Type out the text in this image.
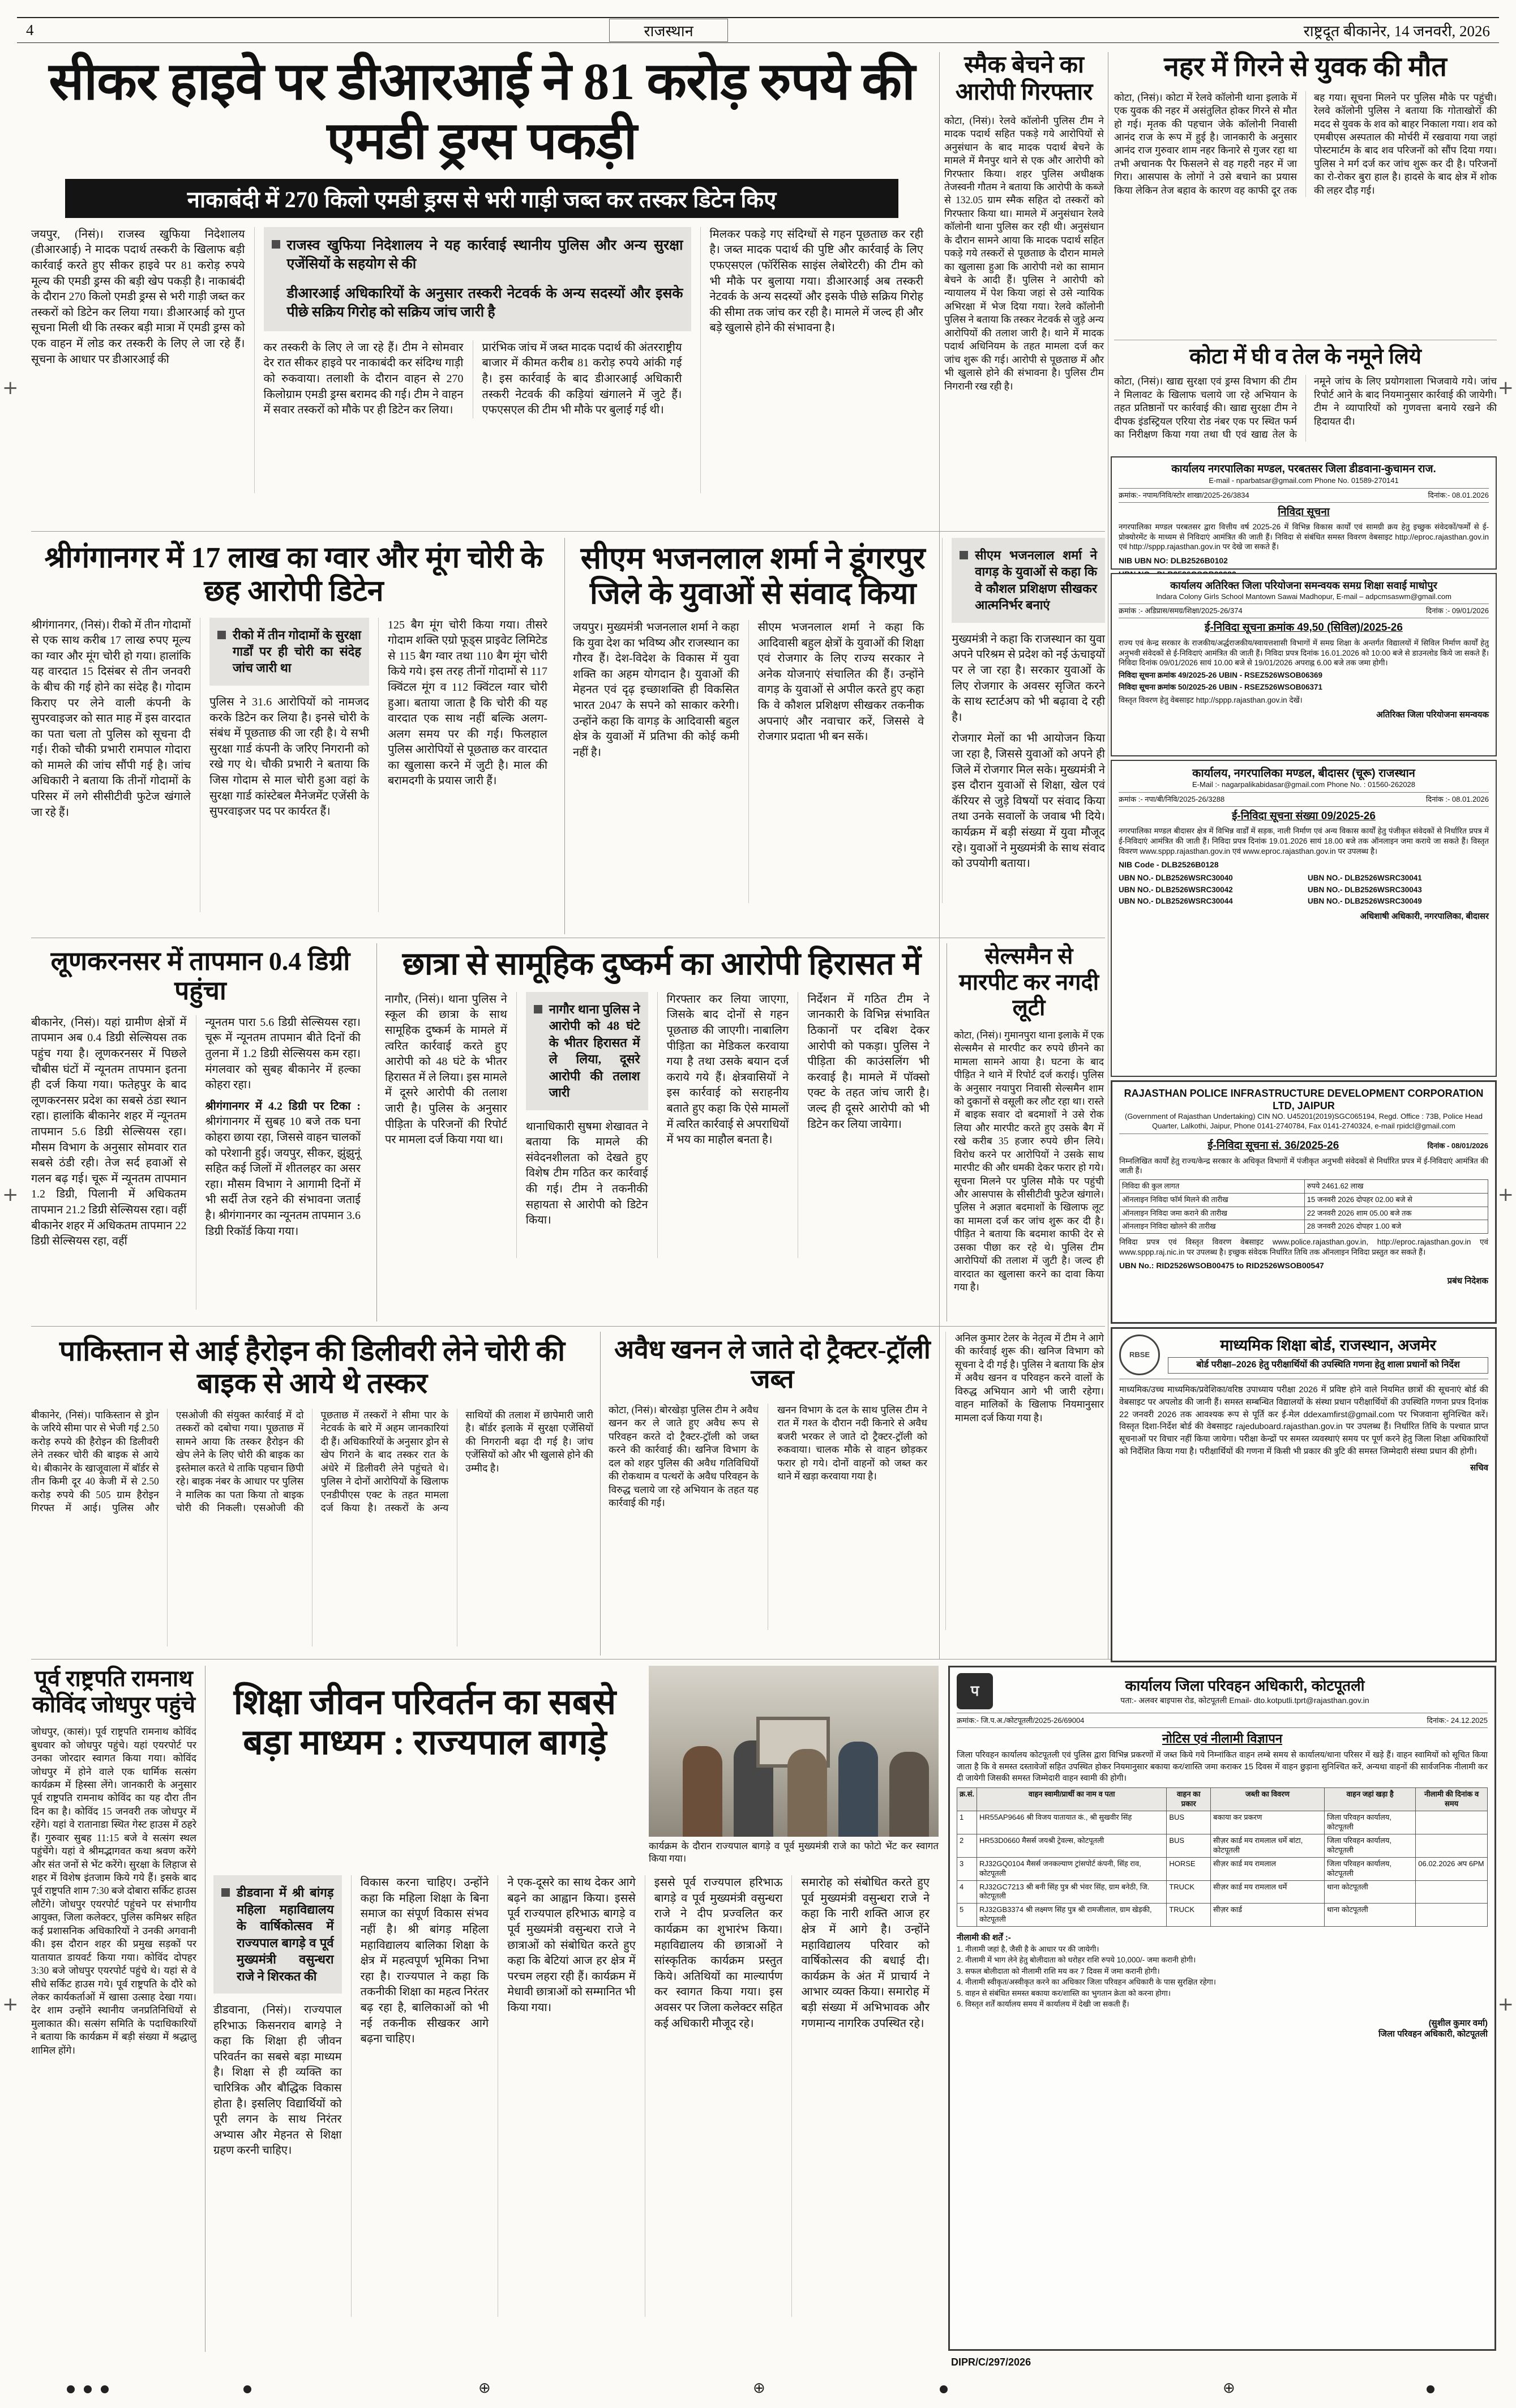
4	राजस्थान	राष्ट्रदूत बीकानेर, 14 जनवरी, 2026
सीकर हाइवे पर डीआरआई ने 81 करोड़ रुपये की एमडी ड्रग्स पकड़ी
नाकाबंदी में 270 किलो एमडी ड्रग्स से भरी गाड़ी जब्त कर तस्कर डिटेन किए
जयपुर, (निसं)। राजस्व खुफिया निदेशालय (डीआरआई) ने मादक पदार्थ तस्करी के खिलाफ बड़ी कार्रवाई करते हुए सीकर हाइवे पर 81 करोड़ रुपये मूल्य की एमडी ड्रग्स की बड़ी खेप पकड़ी है। नाकाबंदी के दौरान 270 किलो एमडी ड्रग्स से भरी गाड़ी जब्त कर तस्करों को डिटेन कर लिया गया। डीआरआई को गुप्त सूचना मिली थी कि तस्कर बड़ी मात्रा में एमडी ड्रग्स को एक वाहन में लोड कर तस्करी के लिए ले जा रहे हैं। सूचना के आधार पर डीआरआई की
राजस्व खुफिया निदेशालय ने यह कार्रवाई स्थानीय पुलिस और अन्य सुरक्षा एजेंसियों के सहयोग से की
डीआरआई अधिकारियों के अनुसार तस्करी नेटवर्क के अन्य सदस्यों और इसके पीछे सक्रिय गिरोह को सक्रिय जांच जारी है
कर तस्करी के लिए ले जा रहे हैं। टीम ने सोमवार देर रात सीकर हाइवे पर नाकाबंदी कर संदिग्ध गाड़ी को रुकवाया। तलाशी के दौरान वाहन से 270 किलोग्राम एमडी ड्रग्स बरामद की गई। टीम ने वाहन में सवार तस्करों को मौके पर ही डिटेन कर लिया।
प्रारंभिक जांच में जब्त मादक पदार्थ की अंतरराष्ट्रीय बाजार में कीमत करीब 81 करोड़ रुपये आंकी गई है। इस कार्रवाई के बाद डीआरआई अधिकारी तस्करी नेटवर्क की कड़ियां खंगालने में जुटे हैं। एफएसएल की टीम भी मौके पर बुलाई गई थी।
मिलकर पकड़े गए संदिग्धों से गहन पूछताछ कर रही है। जब्त मादक पदार्थ की पुष्टि और कार्रवाई के लिए एफएसएल (फॉरेंसिक साइंस लेबोरेटरी) की टीम को भी मौके पर बुलाया गया। डीआरआई अब तस्करी नेटवर्क के अन्य सदस्यों और इसके पीछे सक्रिय गिरोह की सीमा तक जांच कर रही है। मामले में जल्द ही और बड़े खुलासे होने की संभावना है।
स्मैक बेचने का आरोपी गिरफ्तार

कोटा, (निसं)। रेलवे कॉलोनी पुलिस टीम ने मादक पदार्थ सहित पकड़े गये आरोपियों से अनुसंधान के बाद मादक पदार्थ बेचने के मामले में मैनपुर थाने से एक और आरोपी को गिरफ्तार किया। शहर पुलिस अधीक्षक तेजस्वनी गौतम ने बताया कि आरोपी के कब्जे से 132.05 ग्राम स्मैक सहित दो तस्करों को गिरफ्तार किया था। मामले में अनुसंधान रेलवे कॉलोनी थाना पुलिस कर रही थी। अनुसंधान के दौरान सामने आया कि मादक पदार्थ सहित पकड़े गये तस्करों से पूछताछ के दौरान मामले का खुलासा हुआ कि आरोपी नशे का सामान बेचने के आदी हैं। पुलिस ने आरोपी को न्यायालय में पेश किया जहां से उसे न्यायिक अभिरक्षा में भेज दिया गया। रेलवे कॉलोनी पुलिस ने बताया कि तस्कर नेटवर्क से जुड़े अन्य आरोपियों की तलाश जारी है। थाने में मादक पदार्थ अधिनियम के तहत मामला दर्ज कर जांच शुरू की गई। आरोपी से पूछताछ में और भी खुलासे होने की संभावना है। पुलिस टीम निगरानी रख रही है।

नहर में गिरने से युवक की मौत
कोटा, (निसं)। कोटा में रेलवे कॉलोनी थाना इलाके में एक युवक की नहर में असंतुलित होकर गिरने से मौत हो गई। मृतक की पहचान जेके कॉलोनी निवासी आनंद राज के रूप में हुई है। जानकारी के अनुसार आनंद राज गुरुवार शाम नहर किनारे से गुजर रहा था तभी अचानक पैर फिसलने से वह गहरी नहर में जा गिरा। आसपास के लोगों ने उसे बचाने का प्रयास किया लेकिन तेज बहाव के कारण वह काफी दूर तक बह गया। सूचना मिलने पर पुलिस मौके पर पहुंची। रेलवे कॉलोनी पुलिस ने बताया कि गोताखोरों की मदद से युवक के शव को बाहर निकाला गया। शव को एमबीएस अस्पताल की मोर्चरी में रखवाया गया जहां पोस्टमार्टम के बाद शव परिजनों को सौंप दिया गया। पुलिस ने मर्ग दर्ज कर जांच शुरू कर दी है। परिजनों का रो-रोकर बुरा हाल है। हादसे के बाद क्षेत्र में शोक की लहर दौड़ गई।
कोटा में घी व तेल के नमूने लिये
कोटा, (निसं)। खाद्य सुरक्षा एवं ड्रग्स विभाग की टीम ने मिलावट के खिलाफ चलाये जा रहे अभियान के तहत प्रतिष्ठानों पर कार्रवाई की। खाद्य सुरक्षा टीम ने दीपक इंडस्ट्रियल एरिया रोड नंबर एक पर स्थित फर्म का निरीक्षण किया गया तथा घी एवं खाद्य तेल के नमूने जांच के लिए प्रयोगशाला भिजवाये गये। जांच रिपोर्ट आने के बाद नियमानुसार कार्रवाई की जायेगी। टीम ने व्यापारियों को गुणवत्ता बनाये रखने की हिदायत दी।
कार्यालय नगरपालिका मण्डल, परबतसर जिला डीडवाना-कुचामन राज.
E-mail - nparbatsar@gmail.com Phone No. 01589-270141
क्रमांक:- नपाम/निवि/स्टोर शाखा/2025-26/3834	दिनांक:- 08.01.2026
निविदा सूचना
नगरपालिका मण्डल परबतसर द्वारा वित्तीय वर्ष 2025-26 में विभिन्न विकास कार्यों एवं सामग्री क्रय हेतु इच्छुक संवेदकों/फर्मों से ई-प्रोक्योरमेंट के माध्यम से निविदाएं आमंत्रित की जाती हैं। निविदा से संबंधित समस्त विवरण वेबसाइट http://eproc.rajasthan.gov.in एवं http://sppp.rajasthan.gov.in पर देखे जा सकते हैं।
NIB UBN NO: DLB2526B0102
श्रीगंगानगर में 17 लाख का ग्वार और मूंग चोरी के छह आरोपी डिटेन
श्रीगंगानगर, (निसं)। रीको में तीन गोदामों से एक साथ करीब 17 लाख रुपए मूल्य का ग्वार और मूंग चोरी हो गया। हालांकि यह वारदात 15 दिसंबर से तीन जनवरी के बीच की गई होने का संदेह है। गोदाम किराए पर लेने वाली कंपनी के सुपरवाइजर को सात माह में इस वारदात का पता चला तो पुलिस को सूचना दी गई। रीको चौकी प्रभारी रामपाल गोदारा को मामले की जांच सौंपी गई है। जांच अधिकारी ने बताया कि तीनों गोदामों के परिसर में लगे सीसीटीवी फुटेज खंगाले जा रहे हैं।
रीको में तीन गोदामों के सुरक्षा गार्डों पर ही चोरी का संदेह जांच जारी था

पुलिस ने 31.6 आरोपियों को नामजद करके डिटेन कर लिया है। इनसे चोरी के संबंध में पूछताछ की जा रही है। ये सभी सुरक्षा गार्ड कंपनी के जरिए निगरानी को रखे गए थे। चौकी प्रभारी ने बताया कि जिस गोदाम से माल चोरी हुआ वहां के सुरक्षा गार्ड कांस्टेबल मैनेजमेंट एजेंसी के सुपरवाइजर पद पर कार्यरत हैं।

125 बैग मूंग चोरी किया गया। तीसरे गोदाम शक्ति एग्रो फूड्स प्राइवेट लिमिटेड से 115 बैग ग्वार तथा 110 बैग मूंग चोरी किये गये। इस तरह तीनों गोदामों से 117 क्विंटल मूंग व 112 क्विंटल ग्वार चोरी हुआ। बताया जाता है कि चोरी की यह वारदात एक साथ नहीं बल्कि अलग-अलग समय पर की गई। फिलहाल पुलिस आरोपियों से पूछताछ कर वारदात का खुलासा करने में जुटी है। माल की बरामदगी के प्रयास जारी हैं।
सीएम भजनलाल शर्मा ने डूंगरपुर जिले के युवाओं से संवाद किया
जयपुर। मुख्यमंत्री भजनलाल शर्मा ने कहा कि युवा देश का भविष्य और राजस्थान का गौरव हैं। देश-विदेश के विकास में युवा शक्ति का अहम योगदान है। युवाओं की मेहनत एवं दृढ़ इच्छाशक्ति ही विकसित भारत 2047 के सपने को साकार करेगी। उन्होंने कहा कि वागड़ के आदिवासी बहुल क्षेत्र के युवाओं में प्रतिभा की कोई कमी नहीं है।
सीएम भजनलाल शर्मा ने कहा कि आदिवासी बहुल क्षेत्रों के युवाओं की शिक्षा एवं रोजगार के लिए राज्य सरकार ने अनेक योजनाएं संचालित की हैं। उन्होंने वागड़ के युवाओं से अपील करते हुए कहा कि वे कौशल प्रशिक्षण सीखकर तकनीक अपनाएं और नवाचार करें, जिससे वे रोजगार प्रदाता भी बन सकें।
सीएम भजनलाल शर्मा ने वागड़ के युवाओं से कहा कि वे कौशल प्रशिक्षण सीखकर आत्मनिर्भर बनाएं

मुख्यमंत्री ने कहा कि राजस्थान का युवा अपने परिश्रम से प्रदेश को नई ऊंचाइयों पर ले जा रहा है। सरकार युवाओं के लिए रोजगार के अवसर सृजित करने के साथ स्टार्टअप को भी बढ़ावा दे रही है।

रोजगार मेलों का भी आयोजन किया जा रहा है, जिससे युवाओं को अपने ही जिले में रोजगार मिल सके। मुख्यमंत्री ने इस दौरान युवाओं से शिक्षा, खेल एवं कॅरियर से जुड़े विषयों पर संवाद किया तथा उनके सवालों के जवाब भी दिये। कार्यक्रम में बड़ी संख्या में युवा मौजूद रहे। युवाओं ने मुख्यमंत्री के साथ संवाद को उपयोगी बताया।

कार्यालय अतिरिक्त जिला परियोजना समन्वयक समग्र शिक्षा सवाई माधोपुर
Indara Colony Girls School Mantown Sawai Madhopur, E-mail – adpcmsaswm@gmail.com
क्रमांक :- अडिप्रास/समग्र/शिक्षा/2025-26/374	दिनांक :- 09/01/2026
ई-निविदा सूचना क्रमांक 49,50 (सिविल)/2025-26
राज्य एवं केन्द्र सरकार के राजकीय/अर्द्धराजकीय/स्वायत्तशासी विभागों में समग्र शिक्षा के अन्तर्गत विद्यालयों में सिविल निर्माण कार्यों हेतु अनुभवी संवेदकों से ई-निविदाएं आमंत्रित की जाती हैं। निविदा प्रपत्र दिनांक 16.01.2026 को 10:00 बजे से डाउनलोड किये जा सकते हैं। निविदा दिनांक 09/01/2026 सायं 10.00 बजे से 19/01/2026 अपराह्न 6.00 बजे तक जमा होगी।
निविदा सूचना क्रमांक 49/2025-26 UBIN - RSEZ526WSOB06369
निविदा सूचना क्रमांक 50/2025-26 UBIN - RSEZ526WSOB06371
विस्तृत विवरण हेतु वेबसाइट http://sppp.rajasthan.gov.in देखें।
अतिरिक्त जिला परियोजना समन्वयक
कार्यालय, नगरपालिका मण्डल, बीदासर (चूरू) राजस्थान
E-Mail :- nagarpalikabidasar@gmail.com Phone No. : 01560-262028
क्रमांक :- नपा/बी/निवि/2025-26/3288	दिनांक :- 08.01.2026
ई-निविदा सूचना संख्या 09/2025-26
नगरपालिका मण्डल बीदासर क्षेत्र में विभिन्न वार्डों में सड़क, नाली निर्माण एवं अन्य विकास कार्यों हेतु पंजीकृत संवेदकों से निर्धारित प्रपत्र में ई-निविदाएं आमंत्रित की जाती हैं। निविदा प्रपत्र दिनांक 19.01.2026 सायं 18.00 बजे तक ऑनलाइन जमा कराये जा सकते हैं। विस्तृत विवरण www.sppp.rajasthan.gov.in एवं www.eproc.rajasthan.gov.in पर उपलब्ध है।
NIB Code - DLB2526B0128
UBN NO.- DLB2526WSRC30040	UBN NO.- DLB2526WSRC30041
UBN NO.- DLB2526WSRC30042	UBN NO.- DLB2526WSRC30043
UBN NO.- DLB2526WSRC30044	UBN NO.- DLB2526WSRC30049
अधिशाषी अधिकारी, नगरपालिका, बीदासर
लूणकरनसर में तापमान 0.4 डिग्री पहुंचा
बीकानेर, (निसं)। यहां ग्रामीण क्षेत्रों में तापमान अब 0.4 डिग्री सेल्सियस तक पहुंच गया है। लूणकरनसर में पिछले चौबीस घंटों में न्यूनतम तापमान इतना ही दर्ज किया गया। फतेहपुर के बाद लूणकरनसर प्रदेश का सबसे ठंडा स्थान रहा। हालांकि बीकानेर शहर में न्यूनतम तापमान 5.6 डिग्री सेल्सियस रहा। मौसम विभाग के अनुसार सोमवार रात सबसे ठंडी रही। तेज सर्द हवाओं से गलन बढ़ गई। चूरू में न्यूनतम तापमान 1.2 डिग्री, पिलानी में अधिकतम तापमान 21.2 डिग्री सेल्सियस रहा। वहीं बीकानेर शहर में अधिकतम तापमान 22 डिग्री सेल्सियस रहा, वहीं

न्यूनतम पारा 5.6 डिग्री सेल्सियस रहा। चूरू में न्यूनतम तापमान बीते दिनों की तुलना में 1.2 डिग्री सेल्सियस कम रहा। मंगलवार को सुबह बीकानेर में हल्का कोहरा रहा।

श्रीगंगानगर में 4.2 डिग्री पर टिका : श्रीगंगानगर में सुबह 10 बजे तक घना कोहरा छाया रहा, जिससे वाहन चालकों को परेशानी हुई। जयपुर, सीकर, झुंझुनूं सहित कई जिलों में शीतलहर का असर रहा। मौसम विभाग ने आगामी दिनों में भी सर्दी तेज रहने की संभावना जताई है। श्रीगंगानगर का न्यूनतम तापमान 3.6 डिग्री रिकॉर्ड किया गया।

छात्रा से सामूहिक दुष्कर्म का आरोपी हिरासत में
नागौर, (निसं)। थाना पुलिस ने स्कूल की छात्रा के साथ सामूहिक दुष्कर्म के मामले में त्वरित कार्रवाई करते हुए आरोपी को 48 घंटे के भीतर हिरासत में ले लिया। इस मामले में दूसरे आरोपी की तलाश जारी है। पुलिस के अनुसार पीड़िता के परिजनों की रिपोर्ट पर मामला दर्ज किया गया था।
नागौर थाना पुलिस ने आरोपी को 48 घंटे के भीतर हिरासत में ले लिया, दूसरे आरोपी की तलाश जारी

थानाधिकारी सुषमा शेखावत ने बताया कि मामले की संवेदनशीलता को देखते हुए विशेष टीम गठित कर कार्रवाई की गई। टीम ने तकनीकी सहायता से आरोपी को डिटेन किया।

गिरफ्तार कर लिया जाएगा, जिसके बाद दोनों से गहन पूछताछ की जाएगी। नाबालिग पीड़िता का मेडिकल करवाया गया है तथा उसके बयान दर्ज कराये गये हैं। क्षेत्रवासियों ने इस कार्रवाई को सराहनीय बताते हुए कहा कि ऐसे मामलों में त्वरित कार्रवाई से अपराधियों में भय का माहौल बनता है।
निर्देशन में गठित टीम ने जानकारी के विभिन्न संभावित ठिकानों पर दबिश देकर आरोपी को पकड़ा। पुलिस ने पीड़िता की काउंसलिंग भी करवाई है। मामले में पॉक्सो एक्ट के तहत जांच जारी है। जल्द ही दूसरे आरोपी को भी डिटेन कर लिया जायेगा।
सेल्समैन से मारपीट कर नगदी लूटी

कोटा, (निसं)। गुमानपुरा थाना इलाके में एक सेल्समैन से मारपीट कर रुपये छीनने का मामला सामने आया है। घटना के बाद पीड़ित ने थाने में रिपोर्ट दर्ज कराई। पुलिस के अनुसार नयापुरा निवासी सेल्समैन शाम को दुकानों से वसूली कर लौट रहा था। रास्ते में बाइक सवार दो बदमाशों ने उसे रोक लिया और मारपीट करते हुए उसके बैग में रखे करीब 35 हजार रुपये छीन लिये। विरोध करने पर आरोपियों ने उसके साथ मारपीट की और धमकी देकर फरार हो गये। सूचना मिलने पर पुलिस मौके पर पहुंची और आसपास के सीसीटीवी फुटेज खंगाले। पुलिस ने अज्ञात बदमाशों के खिलाफ लूट का मामला दर्ज कर जांच शुरू कर दी है। पीड़ित ने बताया कि बदमाश काफी देर से उसका पीछा कर रहे थे। पुलिस टीम आरोपियों की तलाश में जुटी है। जल्द ही वारदात का खुलासा करने का दावा किया गया है।

RAJASTHAN POLICE INFRASTRUCTURE DEVELOPMENT CORPORATION LTD, JAIPUR
(Government of Rajasthan Undertaking) CIN NO. U45201(2019)SGC065194, Regd. Office : 73B, Police Head Quarter, Lalkothi, Jaipur, Phone 0141-2740784, Fax 0141-2740324, e-mail rpidcl@gmail.com
ई-निविदा सूचना सं. 36/2025-26	दिनांक - 08/01/2026
निम्नलिखित कार्यों हेतु राज्य/केन्द्र सरकार के अधिकृत विभागों में पंजीकृत अनुभवी संवेदकों से निर्धारित प्रपत्र में ई-निविदाएं आमंत्रित की जाती हैं।
निविदा की कुल लागत	रुपये 2461.62 लाख
ऑनलाइन निविदा फॉर्म मिलने की तारीख	15 जनवरी 2026 दोपहर 02.00 बजे से
ऑनलाइन निविदा जमा कराने की तारीख	22 जनवरी 2026 शाम 05.00 बजे तक
ऑनलाइन निविदा खोलने की तारीख	28 जनवरी 2026 दोपहर 1.00 बजे
निविदा प्रपत्र एवं विस्तृत विवरण वेबसाइट www.police.rajasthan.gov.in, http://eproc.rajasthan.gov.in एवं www.sppp.raj.nic.in पर उपलब्ध है। इच्छुक संवेदक निर्धारित तिथि तक ऑनलाइन निविदा प्रस्तुत कर सकते हैं।
UBN No.: RID2526WSOB00475 to RID2526WSOB00547
प्रबंध निदेशक
पाकिस्तान से आई हैरोइन की डिलीवरी लेने चोरी की बाइक से आये थे तस्कर
बीकानेर, (निसं)। पाकिस्तान से ड्रोन के जरिये सीमा पार से भेजी गई 2.50 करोड़ रुपये की हैरोइन की डिलीवरी लेने तस्कर चोरी की बाइक से आये थे। बीकानेर के खाजूवाला में बॉर्डर से तीन किमी दूर 40 केजी में से 2.50 करोड़ रुपये की 505 ग्राम हैरोइन गिरफ्त में आई। पुलिस और एसओजी की संयुक्त कार्रवाई में दो तस्करों को दबोचा गया। पूछताछ में सामने आया कि तस्कर हैरोइन की खेप लेने के लिए चोरी की बाइक का इस्तेमाल करते थे ताकि पहचान छिपी रहे। बाइक नंबर के आधार पर पुलिस ने मालिक का पता किया तो बाइक चोरी की निकली। एसओजी की पूछताछ में तस्करों ने सीमा पार के नेटवर्क के बारे में अहम जानकारियां दी हैं। अधिकारियों के अनुसार ड्रोन से खेप गिराने के बाद तस्कर रात के अंधेरे में डिलीवरी लेने पहुंचते थे। पुलिस ने दोनों आरोपियों के खिलाफ एनडीपीएस एक्ट के तहत मामला दर्ज किया है। तस्करों के अन्य साथियों की तलाश में छापेमारी जारी है। बॉर्डर इलाके में सुरक्षा एजेंसियों की निगरानी बढ़ा दी गई है। जांच एजेंसियों को और भी खुलासे होने की उम्मीद है।
अवैध खनन ले जाते दो ट्रैक्टर-ट्रॉली जब्त
कोटा, (निसं)। बोरखेड़ा पुलिस टीम ने अवैध खनन कर ले जाते हुए अवैध रूप से परिवहन करते दो ट्रैक्टर-ट्रॉली को जब्त करने की कार्रवाई की। खनिज विभाग के दल को शहर पुलिस की अवैध गतिविधियों की रोकथाम व पत्थरों के अवैध परिवहन के विरुद्ध चलाये जा रहे अभियान के तहत यह कार्रवाई की गई।
खनन विभाग के दल के साथ पुलिस टीम ने रात में गश्त के दौरान नदी किनारे से अवैध बजरी भरकर ले जाते दो ट्रैक्टर-ट्रॉली को रुकवाया। चालक मौके से वाहन छोड़कर फरार हो गये। दोनों वाहनों को जब्त कर थाने में खड़ा करवाया गया है।
अनिल कुमार टेलर के नेतृत्व में टीम ने आगे की कार्रवाई शुरू की। खनिज विभाग को सूचना दे दी गई है। पुलिस ने बताया कि क्षेत्र में अवैध खनन व परिवहन करने वालों के विरुद्ध अभियान आगे भी जारी रहेगा। वाहन मालिकों के खिलाफ नियमानुसार मामला दर्ज किया गया है।
RBSE
माध्यमिक शिक्षा बोर्ड, राजस्थान, अजमेर
बोर्ड परीक्षा–2026 हेतु परीक्षार्थियों की उपस्थिति गणना हेतु शाला प्रधानों को निर्देश
माध्यमिक/उच्च माध्यमिक/प्रवेशिका/वरिष्ठ उपाध्याय परीक्षा 2026 में प्रविष्ट होने वाले नियमित छात्रों की सूचनाएं बोर्ड की वेबसाइट पर अपलोड की जानी हैं। समस्त सम्बन्धित विद्यालयों के संस्था प्रधान परीक्षार्थियों की उपस्थिति गणना प्रपत्र दिनांक 22 जनवरी 2026 तक आवश्यक रूप से पूर्ति कर ई-मेल ddexamfirst@gmail.com पर भिजवाना सुनिश्चित करें। विस्तृत दिशा-निर्देश बोर्ड की वेबसाइट rajeduboard.rajasthan.gov.in पर उपलब्ध हैं। निर्धारित तिथि के पश्चात प्राप्त सूचनाओं पर विचार नहीं किया जायेगा। परीक्षा केन्द्रों पर समस्त व्यवस्थाएं समय पर पूर्ण करने हेतु जिला शिक्षा अधिकारियों को निर्देशित किया गया है। परीक्षार्थियों की गणना में किसी भी प्रकार की त्रुटि की समस्त जिम्मेदारी संस्था प्रधान की होगी।
सचिव
पूर्व राष्ट्रपति रामनाथ कोविंद जोधपुर पहुंचे

जोधपुर, (कासं)। पूर्व राष्ट्रपति रामनाथ कोविंद बुधवार को जोधपुर पहुंचे। यहां एयरपोर्ट पर उनका जोरदार स्वागत किया गया। कोविंद जोधपुर में होने वाले एक धार्मिक सत्संग कार्यक्रम में हिस्सा लेंगे। जानकारी के अनुसार पूर्व राष्ट्रपति रामनाथ कोविंद का यह दौरा तीन दिन का है। कोविंद 15 जनवरी तक जोधपुर में रहेंगे। यहां वे रातानाडा स्थित गेस्ट हाउस में ठहरे हैं। गुरुवार सुबह 11:15 बजे वे सत्संग स्थल पहुंचेंगे। यहां वे श्रीमद्भागवत कथा श्रवण करेंगे और संत जनों से भेंट करेंगे। सुरक्षा के लिहाज से शहर में विशेष इंतजाम किये गये हैं। इसके बाद पूर्व राष्ट्रपति शाम 7:30 बजे दोबारा सर्किट हाउस लौटेंगे। जोधपुर एयरपोर्ट पहुंचने पर संभागीय आयुक्त, जिला कलेक्टर, पुलिस कमिश्नर सहित कई प्रशासनिक अधिकारियों ने उनकी अगवानी की। इस दौरान शहर की प्रमुख सड़कों पर यातायात डायवर्ट किया गया। कोविंद दोपहर 3:30 बजे जोधपुर एयरपोर्ट पहुंचे थे। यहां से वे सीधे सर्किट हाउस गये। पूर्व राष्ट्रपति के दौरे को लेकर कार्यकर्ताओं में खासा उत्साह देखा गया। देर शाम उन्होंने स्थानीय जनप्रतिनिधियों से मुलाकात की। सत्संग समिति के पदाधिकारियों ने बताया कि कार्यक्रम में बड़ी संख्या में श्रद्धालु शामिल होंगे।

शिक्षा जीवन परिवर्तन का सबसे बड़ा माध्यम : राज्यपाल बागड़े
कार्यक्रम के दौरान राज्यपाल बागड़े व पूर्व मुख्यमंत्री राजे का फोटो भेंट कर स्वागत किया गया।
डीडवाना में श्री बांगड़ महिला महाविद्यालय के वार्षिकोत्सव में राज्यपाल बागड़े व पूर्व मुख्यमंत्री वसुन्धरा राजे ने शिरकत की

डीडवाना, (निसं)। राज्यपाल हरिभाऊ किसनराव बागड़े ने कहा कि शिक्षा ही जीवन परिवर्तन का सबसे बड़ा माध्यम है। शिक्षा से ही व्यक्ति का चारित्रिक और बौद्धिक विकास होता है। इसलिए विद्यार्थियों को पूरी लगन के साथ निरंतर अभ्यास और मेहनत से शिक्षा ग्रहण करनी चाहिए।

विकास करना चाहिए। उन्होंने कहा कि महिला शिक्षा के बिना समाज का संपूर्ण विकास संभव नहीं है। श्री बांगड़ महिला महाविद्यालय बालिका शिक्षा के क्षेत्र में महत्वपूर्ण भूमिका निभा रहा है। राज्यपाल ने कहा कि तकनीकी शिक्षा का महत्व निरंतर बढ़ रहा है, बालिकाओं को भी नई तकनीक सीखकर आगे बढ़ना चाहिए।
ने एक-दूसरे का साथ देकर आगे बढ़ने का आह्वान किया। इससे पूर्व राज्यपाल हरिभाऊ बागड़े व पूर्व मुख्यमंत्री वसुन्धरा राजे ने छात्राओं को संबोधित करते हुए कहा कि बेटियां आज हर क्षेत्र में परचम लहरा रही हैं। कार्यक्रम में मेधावी छात्राओं को सम्मानित भी किया गया।
इससे पूर्व राज्यपाल हरिभाऊ बागड़े व पूर्व मुख्यमंत्री वसुन्धरा राजे ने दीप प्रज्वलित कर कार्यक्रम का शुभारंभ किया। महाविद्यालय की छात्राओं ने सांस्कृतिक कार्यक्रम प्रस्तुत किये। अतिथियों का माल्यार्पण कर स्वागत किया गया। इस अवसर पर जिला कलेक्टर सहित कई अधिकारी मौजूद रहे।
समारोह को संबोधित करते हुए पूर्व मुख्यमंत्री वसुन्धरा राजे ने कहा कि नारी शक्ति आज हर क्षेत्र में आगे है। उन्होंने महाविद्यालय परिवार को वार्षिकोत्सव की बधाई दी। कार्यक्रम के अंत में प्राचार्य ने आभार व्यक्त किया। समारोह में बड़ी संख्या में अभिभावक और गणमान्य नागरिक उपस्थित रहे।
प	कार्यालय जिला परिवहन अधिकारी, कोटपूतली
पता:- अलवर बाइपास रोड, कोटपूतली Email- dto.kotputli.tprt@rajasthan.gov.in
क्रमांक:- जि.प.अ./कोटपूतली/2025-26/69004	दिनांक:- 24.12.2025
नोटिस एवं नीलामी विज्ञापन
जिला परिवहन कार्यालय कोटपूतली एवं पुलिस द्वारा विभिन्न प्रकरणों में जब्त किये गये निम्नांकित वाहन लम्बे समय से कार्यालय/थाना परिसर में खड़े हैं। वाहन स्वामियों को सूचित किया जाता है कि वे समस्त दस्तावेजों सहित उपस्थित होकर नियमानुसार बकाया कर/शास्ति जमा कराकर 15 दिवस में वाहन छुड़ाना सुनिश्चित करें, अन्यथा वाहनों की सार्वजनिक नीलामी कर दी जायेगी जिसकी समस्त जिम्मेदारी वाहन स्वामी की होगी।
क्र.सं.	वाहन स्वामी/प्रार्थी का नाम व पता	वाहन का प्रकार	जब्ती का विवरण	वाहन जहां खड़ा है	नीलामी की दिनांक व समय
1	HR55AP9646 श्री विजय यातायात कं., श्री सुखवीर सिंह	BUS	बकाया कर प्रकरण	जिला परिवहन कार्यालय, कोटपूतली	
2	HR53D0660 मैसर्स जयश्री ट्रेवल्स, कोटपूतली	BUS	सीज़र कार्ड मय रामलाल धर्मे बांटा, कोटपूतली	जिला परिवहन कार्यालय, कोटपूतली	
3	RJ32GQ0104 मैसर्स जनकल्याण ट्रांसपोर्ट कंपनी, सिंह राव, कोटपूतली	HORSE	सीज़र कार्ड मय रामलाल	जिला परिवहन कार्यालय, कोटपूतली	06.02.2026 अप 6PM
4	RJ32GC7213 श्री बनी सिंह पुत्र श्री भंवर सिंह, ग्राम बनेठी, जि. कोटपूतली	TRUCK	सीज़र कार्ड मय रामलाल धर्मे	थाना कोटपूतली	
5	RJ32GB3374 श्री लक्ष्मण सिंह पुत्र श्री रामजीलाल, ग्राम खेड़की, कोटपूतली	TRUCK	सीज़र कार्ड	थाना कोटपूतली	
नीलामी की शर्तें :-
1. नीलामी जहां है, जैसी है के आधार पर की जायेगी।
2. नीलामी में भाग लेने हेतु बोलीदाता को धरोहर राशि रुपये 10,000/- जमा करानी होगी।
3. सफल बोलीदाता को नीलामी राशि मय कर 7 दिवस में जमा करानी होगी।
4. नीलामी स्वीकृत/अस्वीकृत करने का अधिकार जिला परिवहन अधिकारी के पास सुरक्षित रहेगा।
5. वाहन से संबंधित समस्त बकाया कर/शास्ति का भुगतान क्रेता को करना होगा।
6. विस्तृत शर्तें कार्यालय समय में कार्यालय में देखी जा सकती हैं।
(सुशील कुमार वर्मा)
जिला परिवहन अधिकारी, कोटपूतली
DIPR/C/297/2026
+	+
+	+
+	+
⊕	⊕	⊕
